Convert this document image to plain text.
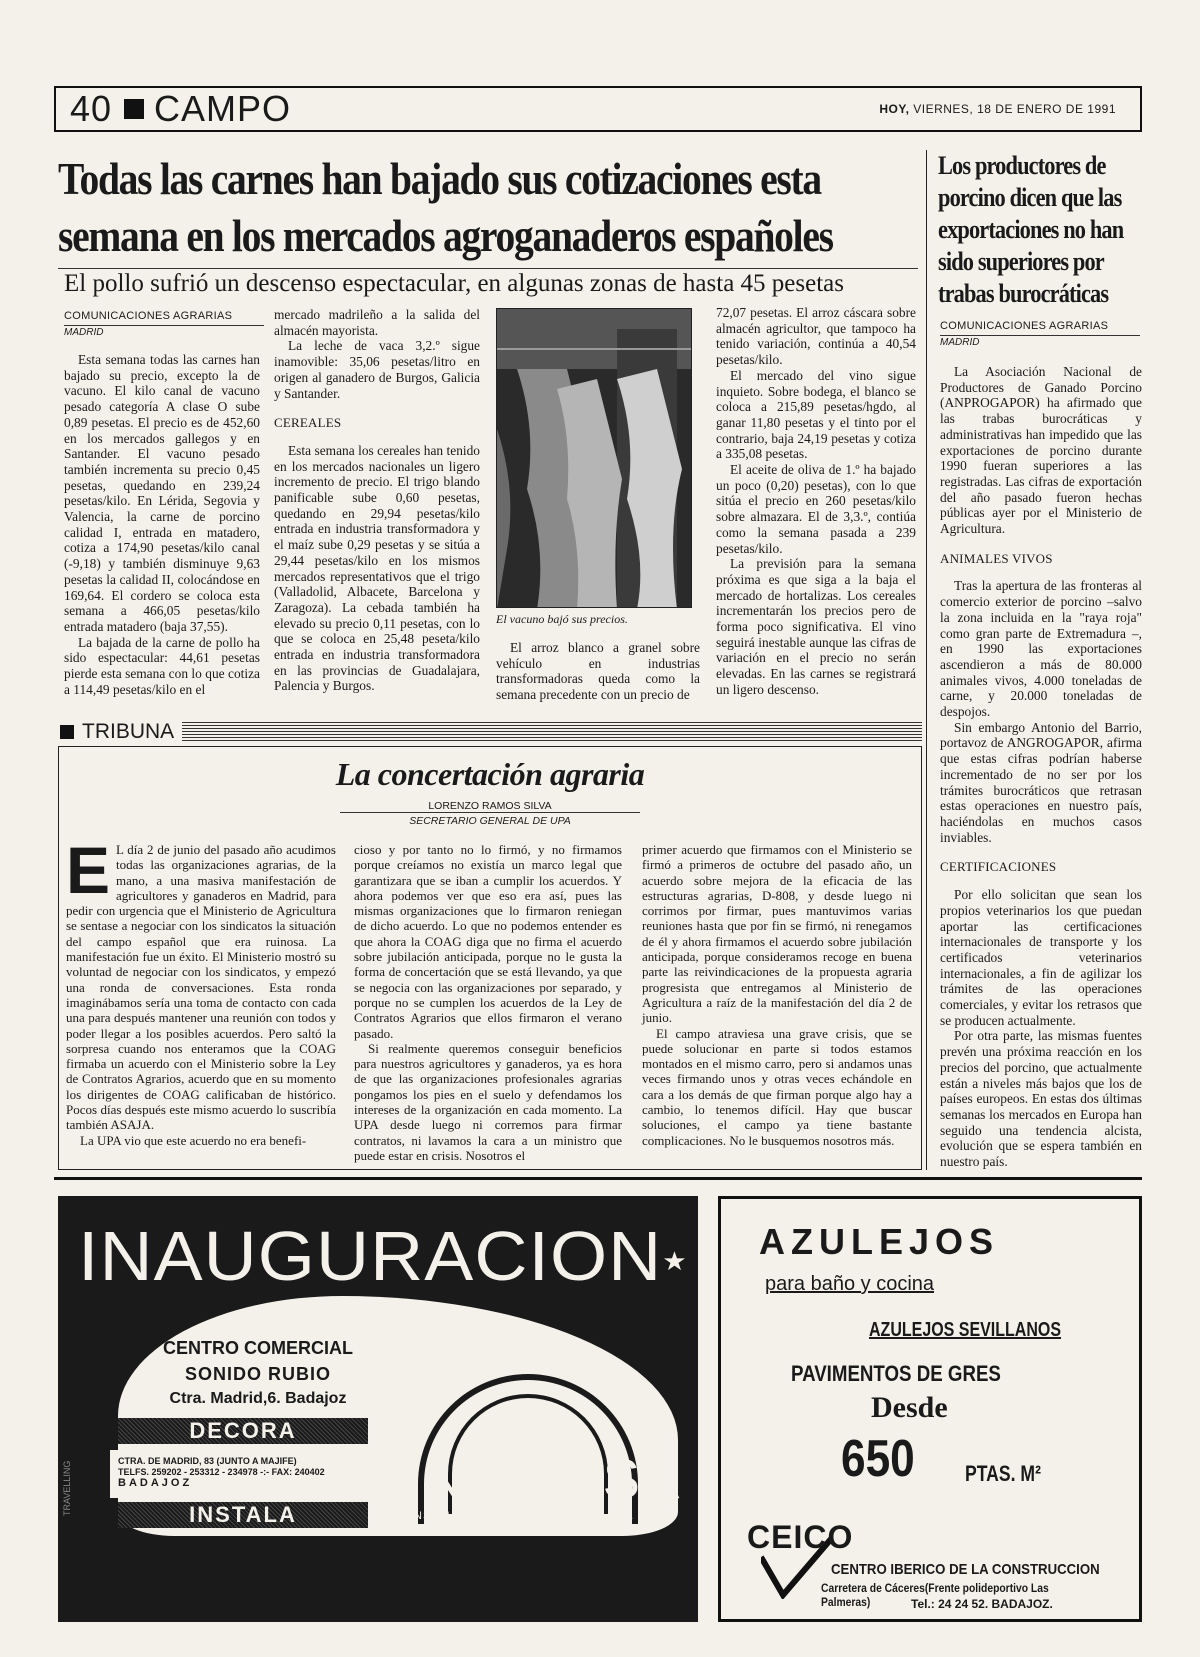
40 CAMPO	HOY, VIERNES, 18 DE ENERO DE 1991
Todas las carnes han bajado sus cotizaciones esta
semana en los mercados agroganaderos españoles
El pollo sufrió un descenso espectacular, en algunas zonas de hasta 45 pesetas
COMUNICACIONES AGRARIAS
MADRID

Esta semana todas las carnes han bajado su precio, excepto la de vacuno. El kilo canal de vacuno pesado categoría A clase O sube 0,89 pesetas. El precio es de 452,60 en los mercados gallegos y en Santander. El vacuno pesado también incrementa su precio 0,45 pesetas, quedando en 239,24 pesetas/kilo. En Lérida, Segovia y Valencia, la carne de porcino calidad I, entrada en matadero, cotiza a 174,90 pesetas/kilo canal (-9,18) y también disminuye 9,63 pesetas la calidad II, colocándose en 169,64. El cordero se coloca esta semana a 466,05 pesetas/kilo entrada matadero (baja 37,55).

La bajada de la carne de pollo ha sido espectacular: 44,61 pesetas pierde esta semana con lo que cotiza a 114,49 pesetas/kilo en el

mercado madrileño a la salida del almacén mayorista.

La leche de vaca 3,2.º sigue inamovible: 35,06 pesetas/litro en origen al ganadero de Burgos, Galicia y Santander.

CEREALES

Esta semana los cereales han tenido en los mercados nacionales un ligero incremento de precio. El trigo blando panificable sube 0,60 pesetas, quedando en 29,94 pesetas/kilo entrada en industria transformadora y el maíz sube 0,29 pesetas y se sitúa a 29,44 pesetas/kilo en los mismos mercados representativos que el trigo (Valladolid, Albacete, Barcelona y Zaragoza). La cebada también ha elevado su precio 0,11 pesetas, con lo que se coloca en 25,48 peseta/kilo entrada en industria transformadora en las provincias de Guadalajara, Palencia y Burgos.

El vacuno bajó sus precios.

El arroz blanco a granel sobre vehículo en industrias transformadoras queda como la semana precedente con un precio de

72,07 pesetas. El arroz cáscara sobre almacén agricultor, que tampoco ha tenido variación, continúa a 40,54 pesetas/kilo.

El mercado del vino sigue inquieto. Sobre bodega, el blanco se coloca a 215,89 pesetas/hgdo, al ganar 11,80 pesetas y el tinto por el contrario, baja 24,19 pesetas y cotiza a 335,08 pesetas.

El aceite de oliva de 1.º ha bajado un poco (0,20) pesetas), con lo que sitúa el precio en 260 pesetas/kilo sobre almazara. El de 3,3.º, contiúa como la semana pasada a 239 pesetas/kilo.

La previsión para la semana próxima es que siga a la baja el mercado de hortalizas. Los cereales incrementarán los precios pero de forma poco significativa. El vino seguirá inestable aunque las cifras de variación en el precio no serán elevadas. En las carnes se registrará un ligero descenso.

Los productores de porcino dicen que las exportaciones no han sido superiores por trabas burocráticas
COMUNICACIONES AGRARIAS
MADRID

La Asociación Nacional de Productores de Ganado Porcino (ANPROGAPOR) ha afirmado que las trabas burocráticas y administrativas han impedido que las exportaciones de porcino durante 1990 fueran superiores a las registradas. Las cifras de exportación del año pasado fueron hechas públicas ayer por el Ministerio de Agricultura.

ANIMALES VIVOS

Tras la apertura de las fronteras al comercio exterior de porcino –salvo la zona incluida en la "raya roja" como gran parte de Extremadura –, en 1990 las exportaciones ascendieron a más de 80.000 animales vivos, 4.000 toneladas de carne, y 20.000 toneladas de despojos.

Sin embargo Antonio del Barrio, portavoz de ANGROGAPOR, afirma que estas cifras podrían haberse incrementado de no ser por los trámites burocráticos que retrasan estas operaciones en nuestro país, haciéndolas en muchos casos inviables.

CERTIFICACIONES

Por ello solicitan que sean los propios veterinarios los que puedan aportar las certificaciones internacionales de transporte y los certificados veterinarios internacionales, a fin de agilizar los trámites de las operaciones comerciales, y evitar los retrasos que se producen actualmente.

Por otra parte, las mismas fuentes prevén una próxima reacción en los precios del porcino, que actualmente están a niveles más bajos que los de países europeos. En estas dos últimas semanas los mercados en Europa han seguido una tendencia alcista, evolución que se espera también en nuestro país.

TRIBUNA
La concertación agraria
LORENZO RAMOS SILVA
SECRETARIO GENERAL DE UPA
E L día 2 de junio del pasado año acudimos todas las organizaciones agrarias, de la mano, a una masiva manifestación de agricultores y ganaderos en Madrid, para pedir con urgencia que el Ministerio de Agricultura se sentase a negociar con los sindicatos la situación del campo español que era ruinosa. La manifestación fue un éxito. El Ministerio mostró su voluntad de negociar con los sindicatos, y empezó una ronda de conversaciones. Esta ronda imaginábamos sería una toma de contacto con cada una para después mantener una reunión con todos y poder llegar a los posibles acuerdos. Pero saltó la sorpresa cuando nos enteramos que la COAG firmaba un acuerdo con el Ministerio sobre la Ley de Contratos Agrarios, acuerdo que en su momento los dirigentes de COAG calificaban de histórico. Pocos días después este mismo acuerdo lo suscribía también ASAJA.

La UPA vio que este acuerdo no era benefi-

cioso y por tanto no lo firmó, y no firmamos porque creíamos no existía un marco legal que garantizara que se iban a cumplir los acuerdos. Y ahora podemos ver que eso era así, pues las mismas organizaciones que lo firmaron reniegan de dicho acuerdo. Lo que no podemos entender es que ahora la COAG diga que no firma el acuerdo sobre jubilación anticipada, porque no le gusta la forma de concertación que se está llevando, ya que se negocia con las organizaciones por separado, y porque no se cumplen los acuerdos de la Ley de Contratos Agrarios que ellos firmaron el verano pasado.

Si realmente queremos conseguir beneficios para nuestros agricultores y ganaderos, ya es hora de que las organizaciones profesionales agrarias pongamos los pies en el suelo y defendamos los intereses de la organización en cada momento. La UPA desde luego ni corremos para firmar contratos, ni lavamos la cara a un ministro que puede estar en crisis. Nosotros el

primer acuerdo que firmamos con el Ministerio se firmó a primeros de octubre del pasado año, un acuerdo sobre mejora de la eficacia de las estructuras agrarias, D-808, y desde luego ni corrimos por firmar, pues mantuvimos varias reuniones hasta que por fin se firmó, ni renegamos de él y ahora firmamos el acuerdo sobre jubilación anticipada, porque consideramos recoge en buena parte las reivindicaciones de la propuesta agraria progresista que entregamos al Ministerio de Agricultura a raíz de la manifestación del día 2 de junio.

El campo atraviesa una grave crisis, que se puede solucionar en parte si todos estamos montados en el mismo carro, pero si andamos unas veces firmando unos y otras veces echándole en cara a los demás de que firman porque algo hay a cambio, lo tenemos difícil. Hay que buscar soluciones, el campo ya tiene bastante complicaciones. No le busquemos nosotros más.

INAUGURACION★
CENTRO COMERCIAL
SONIDO RUBIO
Ctra. Madrid,6. Badajoz
DECORA
CTRA. DE MADRID, 83 (JUNTO A MAJIFE)
TELFS. 259202 - 253312 - 234978 -:- FAX: 240402
BADAJOZ
INSTALA
INCOMSA
INSTALACIONES COMERCIALES S.A.
TRAVELLING
AZULEJOS
para baño y cocina
AZULEJOS SEVILLANOS
PAVIMENTOS DE GRES
Desde
650 PTAS. M²
CEICO
CENTRO IBERICO DE LA CONSTRUCCION
Carretera de Cáceres(Frente polideportivo Las Palmeras)	Tel.: 24 24 52. BADAJOZ.
